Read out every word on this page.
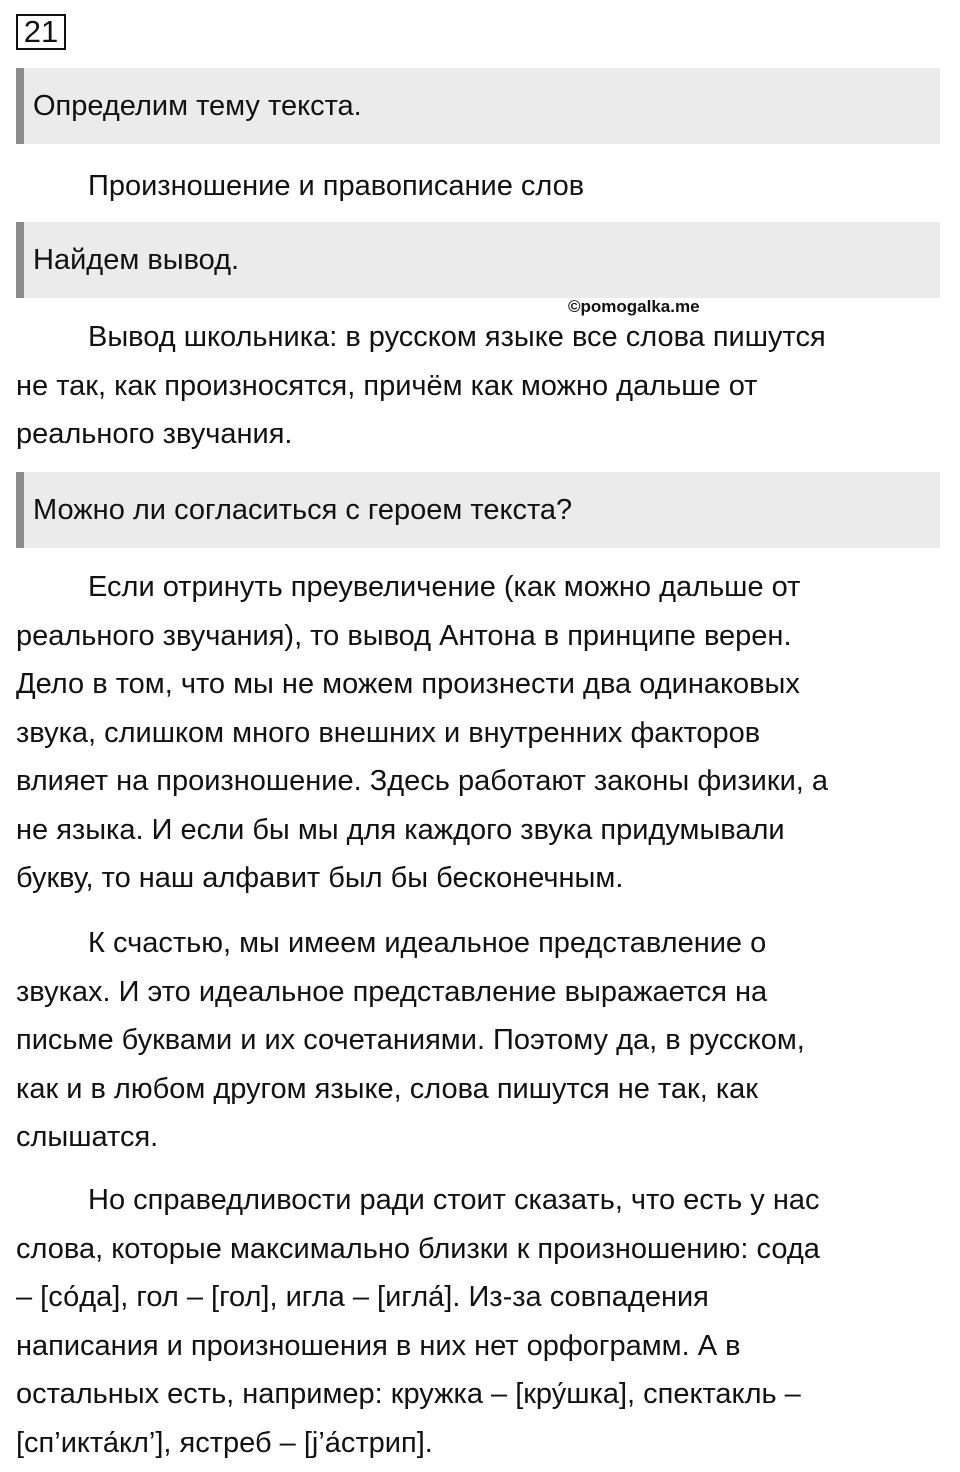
21
Определим тему текста.
Произношение и правописание слов
Найдем вывод.
©pomogalka.me

Вывод школьника: в русском языке все слова пишутся
не так, как произносятся, причём как можно дальше от
реального звучания.

Можно ли согласиться с героем текста?

Если отринуть преувеличение (как можно дальше от
реального звучания), то вывод Антона в принципе верен.
Дело в том, что мы не можем произнести два одинаковых
звука, слишком много внешних и внутренних факторов
влияет на произношение. Здесь работают законы физики, а
не языка. И если бы мы для каждого звука придумывали
букву, то наш алфавит был бы бесконечным.

К счастью, мы имеем идеальное представление о
звуках. И это идеальное представление выражается на
письме буквами и их сочетаниями. Поэтому да, в русском,
как и в любом другом языке, слова пишутся не так, как
слышатся.

Но справедливости ради стоит сказать, что есть у нас
слова, которые максимально близки к произношению: сода
– [со́да], гол – [гол], игла – [игла́]. Из-за совпадения
написания и произношения в них нет орфограмм. А в
остальных есть, например: кружка – [кру́шка], спектакль –
[сп’икта́кл’], ястреб – [j’а́стрип].
